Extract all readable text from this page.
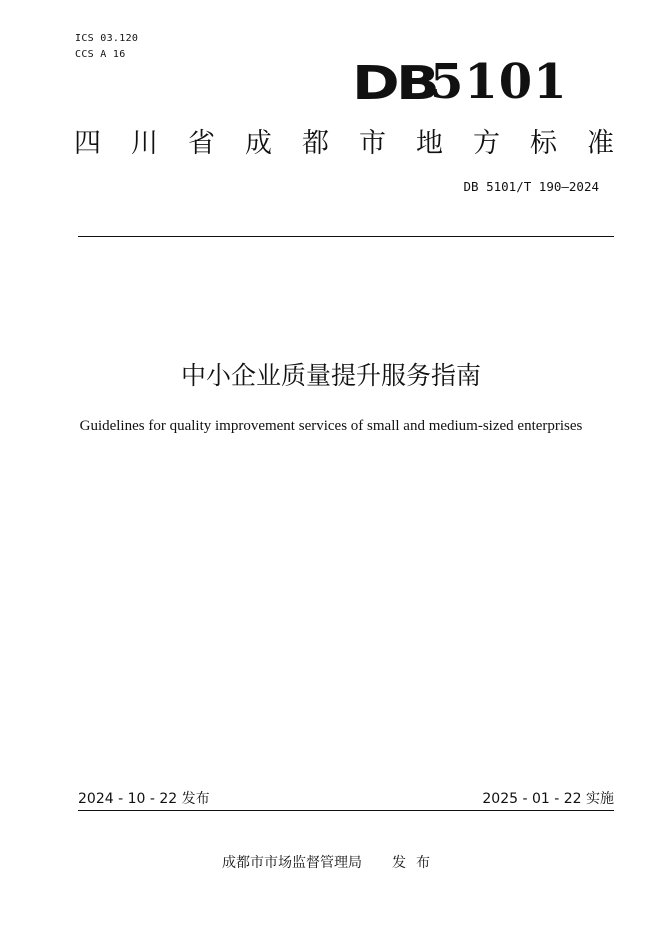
ICS 03.120
CCS A 16
DB
5101
四 川 省 成 都 市 地 方 标 准
DB 5101/T 190—2024
中小企业质量提升服务指南
Guidelines for quality improvement services of small and medium-sized enterprises
2024 - 10 - 22 发布	2025 - 01 - 22 实施
成都市市场监督管理局 发布
